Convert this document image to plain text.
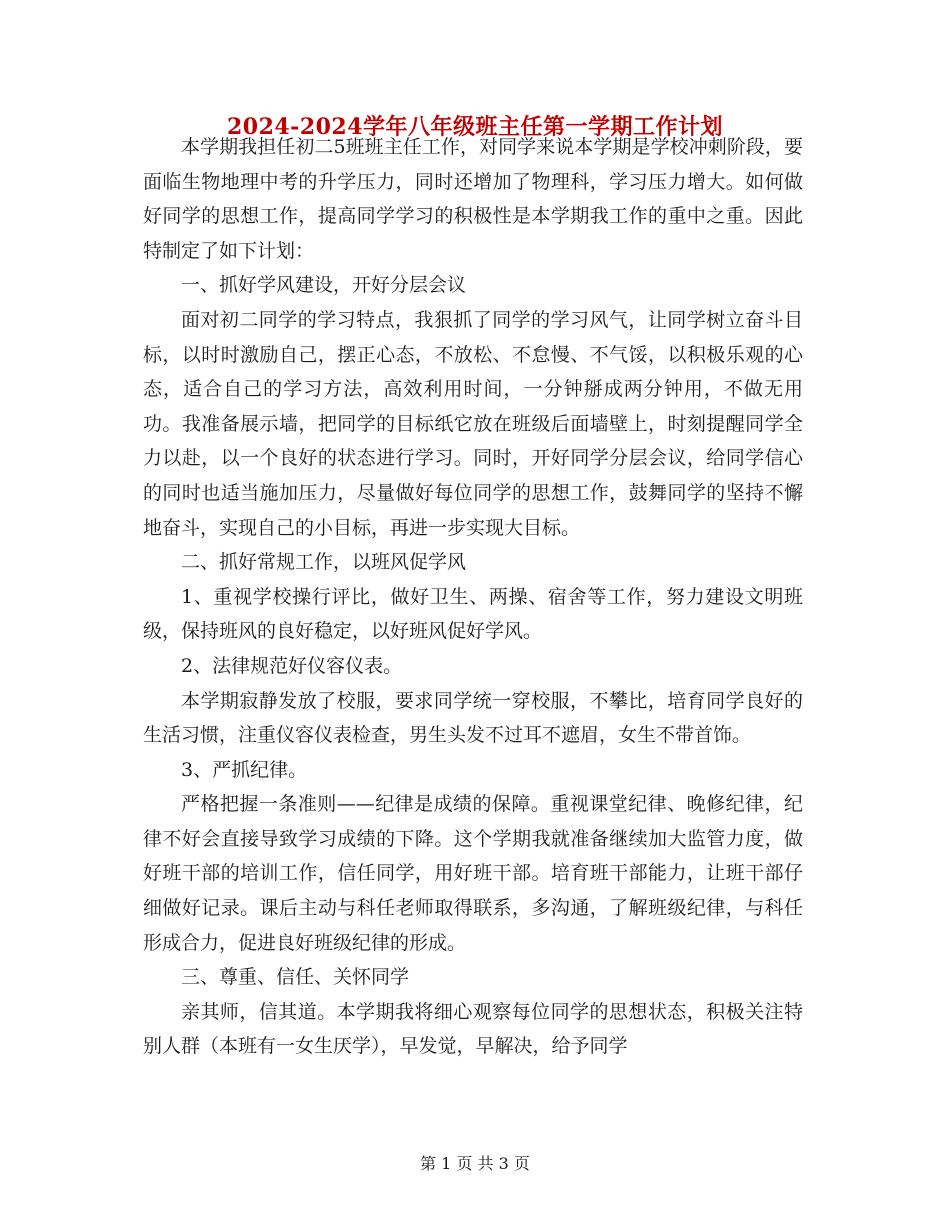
2024-2024学年八年级班主任第一学期工作计划

本学期我担任初二5班班主任工作，对同学来说本学期是学校冲刺阶段，要面临生物地理中考的升学压力，同时还增加了物理科，学习压力增大。如何做好同学的思想工作，提高同学学习的积极性是本学期我工作的重中之重。因此特制定了如下计划：

一、抓好学风建设，开好分层会议

面对初二同学的学习特点，我狠抓了同学的学习风气，让同学树立奋斗目标，以时时激励自己，摆正心态，不放松、不怠慢、不气馁，以积极乐观的心态，适合自己的学习方法，高效利用时间，一分钟掰成两分钟用，不做无用功。我准备展示墙，把同学的目标纸它放在班级后面墙壁上，时刻提醒同学全力以赴，以一个良好的状态进行学习。同时，开好同学分层会议，给同学信心的同时也适当施加压力，尽量做好每位同学的思想工作，鼓舞同学的坚持不懈地奋斗，实现自己的小目标，再进一步实现大目标。

二、抓好常规工作，以班风促学风

1、重视学校操行评比，做好卫生、两操、宿舍等工作，努力建设文明班级，保持班风的良好稳定，以好班风促好学风。

2、法律规范好仪容仪表。

本学期寂静发放了校服，要求同学统一穿校服，不攀比，培育同学良好的生活习惯，注重仪容仪表检查，男生头发不过耳不遮眉，女生不带首饰。

3、严抓纪律。

严格把握一条准则——纪律是成绩的保障。重视课堂纪律、晚修纪律，纪律不好会直接导致学习成绩的下降。这个学期我就准备继续加大监管力度，做好班干部的培训工作，信任同学，用好班干部。培育班干部能力，让班干部仔细做好记录。课后主动与科任老师取得联系，多沟通，了解班级纪律，与科任形成合力，促进良好班级纪律的形成。

三、尊重、信任、关怀同学

亲其师，信其道。本学期我将细心观察每位同学的思想状态，积极关注特别人群（本班有一女生厌学），早发觉，早解决，给予同学

第 1 页 共 3 页
